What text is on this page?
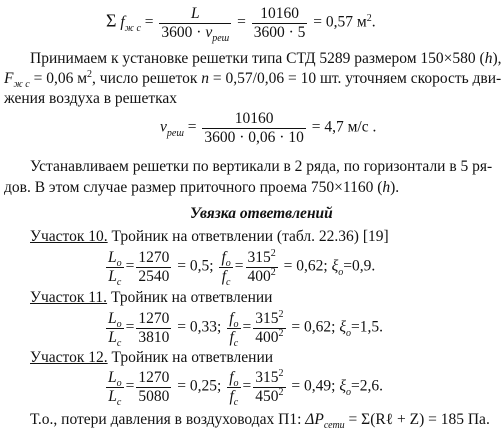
Σ $f_{ж с} = \frac{L}{3600 \cdot v_{реш}} = \frac{10160}{3600 \cdot 5} = 0,57$ $м^2$.
Принимаем к установке решетки типа СТД 5289 размером 150×580 (h),
$F_{ж с} = 0,06$ $м^2$, число решеток n = 0,57/0,06 = 10 шт. уточняем скорость дви-
жения воздуха в решетках
$v_{реш} = \frac{10160}{3600 \cdot 0,06 \cdot 10} = 4,7$ м/с .
Устанавливаем решетки по вертикали в 2 ряда, по горизонтали в 5 ря-
дов. В этом случае размер приточного проема 750×1160 (h).
Увязка ответвлений
Участок 10. Тройник на ответвлении (табл. 22.36) [19]
$\frac{L_о}{L_с} = \frac{1270}{2540} = 0,5$; $\frac{f_о}{f_с} = \frac{315^2}{400^2} = 0,62$; $\xi_о=0,9$.
Участок 11. Тройник на ответвлении
$\frac{L_о}{L_с} = \frac{1270}{3810} = 0,33$; $\frac{f_о}{f_с} = \frac{315^2}{400^2} = 0,62$; $\xi_о=1,5$.
Участок 12. Тройник на ответвлении
$\frac{L_о}{L_с} = \frac{1270}{5080} = 0,25$; $\frac{f_о}{f_с} = \frac{315^2}{450^2} = 0,49$; $\xi_о=2,6$.
Т.о., потери давления в воздуховодах П1: $\Delta P_{сети}$ = Σ(Rℓ + Z) = 185 Па.
